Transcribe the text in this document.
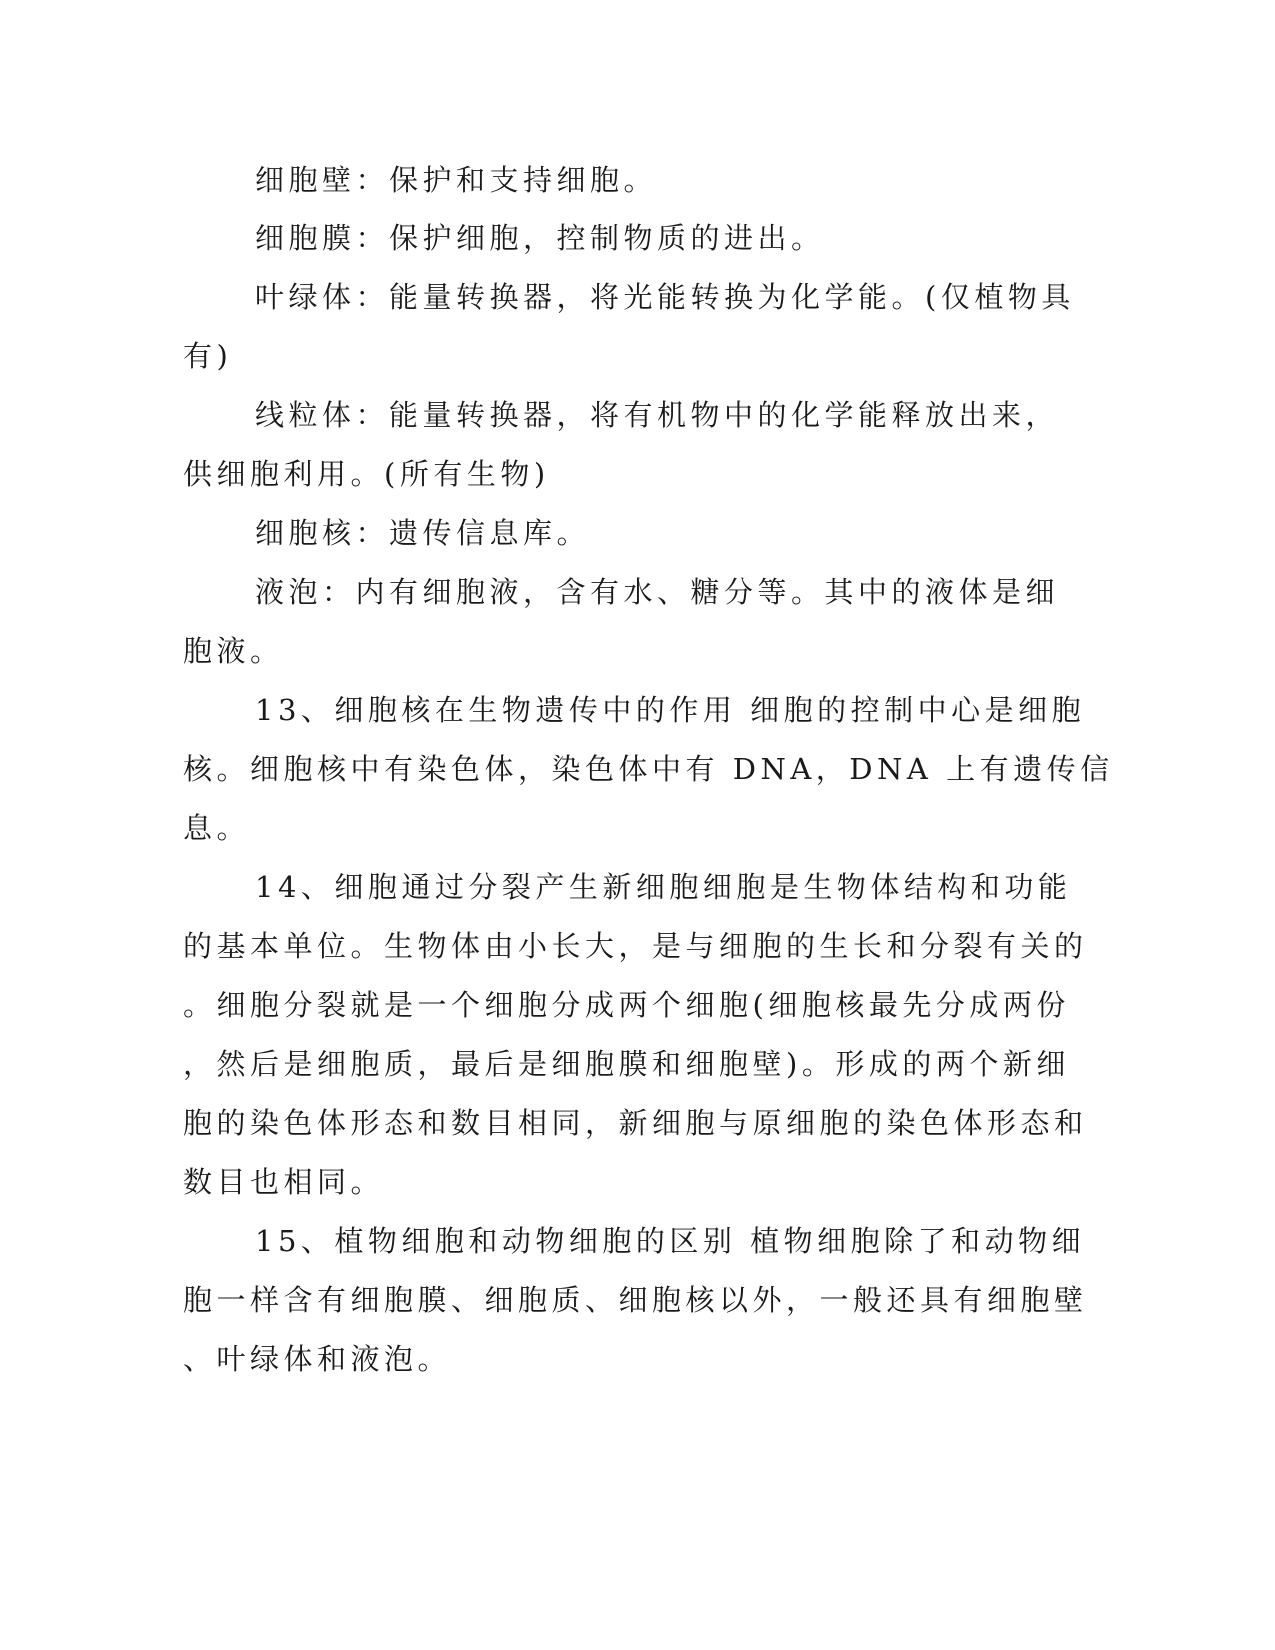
细胞壁：保护和支持细胞。
细胞膜：保护细胞，控制物质的进出。
叶绿体：能量转换器，将光能转换为化学能。(仅植物具
有)
线粒体：能量转换器，将有机物中的化学能释放出来，
供细胞利用。(所有生物)
细胞核：遗传信息库。
液泡：内有细胞液，含有水、糖分等。其中的液体是细
胞液。
13、细胞核在生物遗传中的作用 细胞的控制中心是细胞
核。细胞核中有染色体，染色体中有 DNA，DNA 上有遗传信
息。
14、细胞通过分裂产生新细胞细胞是生物体结构和功能
的基本单位。生物体由小长大，是与细胞的生长和分裂有关的
。细胞分裂就是一个细胞分成两个细胞(细胞核最先分成两份
，然后是细胞质，最后是细胞膜和细胞壁)。形成的两个新细
胞的染色体形态和数目相同，新细胞与原细胞的染色体形态和
数目也相同。
15、植物细胞和动物细胞的区别 植物细胞除了和动物细
胞一样含有细胞膜、细胞质、细胞核以外，一般还具有细胞壁
、叶绿体和液泡。
